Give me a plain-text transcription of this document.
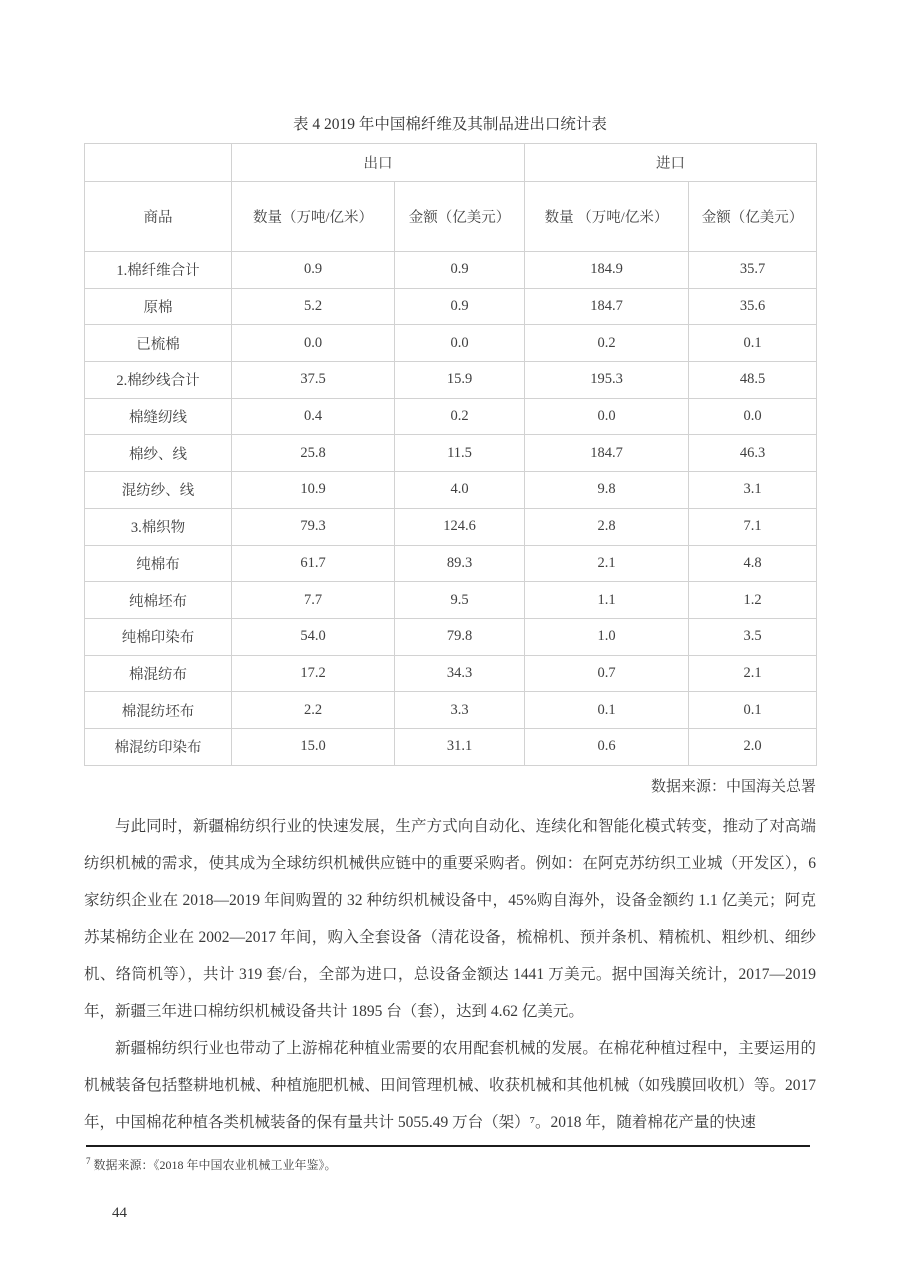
表 4 2019 年中国棉纤维及其制品进出口统计表

	出口		进口	
商品	数量（万吨/亿米）	金额（亿美元）	数量 （万吨/亿米）	金额（亿美元）
1.棉纤维合计	0.9	0.9	184.9	35.7
原棉	5.2	0.9	184.7	35.6
已梳棉	0.0	0.0	0.2	0.1
2.棉纱线合计	37.5	15.9	195.3	48.5
棉缝纫线	0.4	0.2	0.0	0.0
棉纱、线	25.8	11.5	184.7	46.3
混纺纱、线	10.9	4.0	9.8	3.1
3.棉织物	79.3	124.6	2.8	7.1
纯棉布	61.7	89.3	2.1	4.8
纯棉坯布	7.7	9.5	1.1	1.2
纯棉印染布	54.0	79.8	1.0	3.5
棉混纺布	17.2	34.3	0.7	2.1
棉混纺坯布	2.2	3.3	0.1	0.1
棉混纺印染布	15.0	31.1	0.6	2.0
数据来源：中国海关总署

与此同时，新疆棉纺织行业的快速发展，生产方式向自动化、连续化和智能化模式转变，推动了对高端纺织机械的需求，使其成为全球纺织机械供应链中的重要采购者。例如：在阿克苏纺织工业城（开发区），6 家纺织企业在 2018—2019 年间购置的 32 种纺织机械设备中，45%购自海外，设备金额约 1.1 亿美元；阿克苏某棉纺企业在 2002—2017 年间，购入全套设备（清花设备，梳棉机、预并条机、精梳机、粗纱机、细纱机、络筒机等），共计 319 套/台，全部为进口，总设备金额达 1441 万美元。据中国海关统计，2017—2019 年，新疆三年进口棉纺织机械设备共计 1895 台（套），达到 4.62 亿美元。

新疆棉纺织行业也带动了上游棉花种植业需要的农用配套机械的发展。在棉花种植过程中，主要运用的机械装备包括整耕地机械、种植施肥机械、田间管理机械、收获机械和其他机械（如残膜回收机）等。2017 年，中国棉花种植各类机械装备的保有量共计 5055.49 万台（架）⁷。2018 年，随着棉花产量的快速

$^7$ 数据来源：《2018 年中国农业机械工业年鉴》。
44
